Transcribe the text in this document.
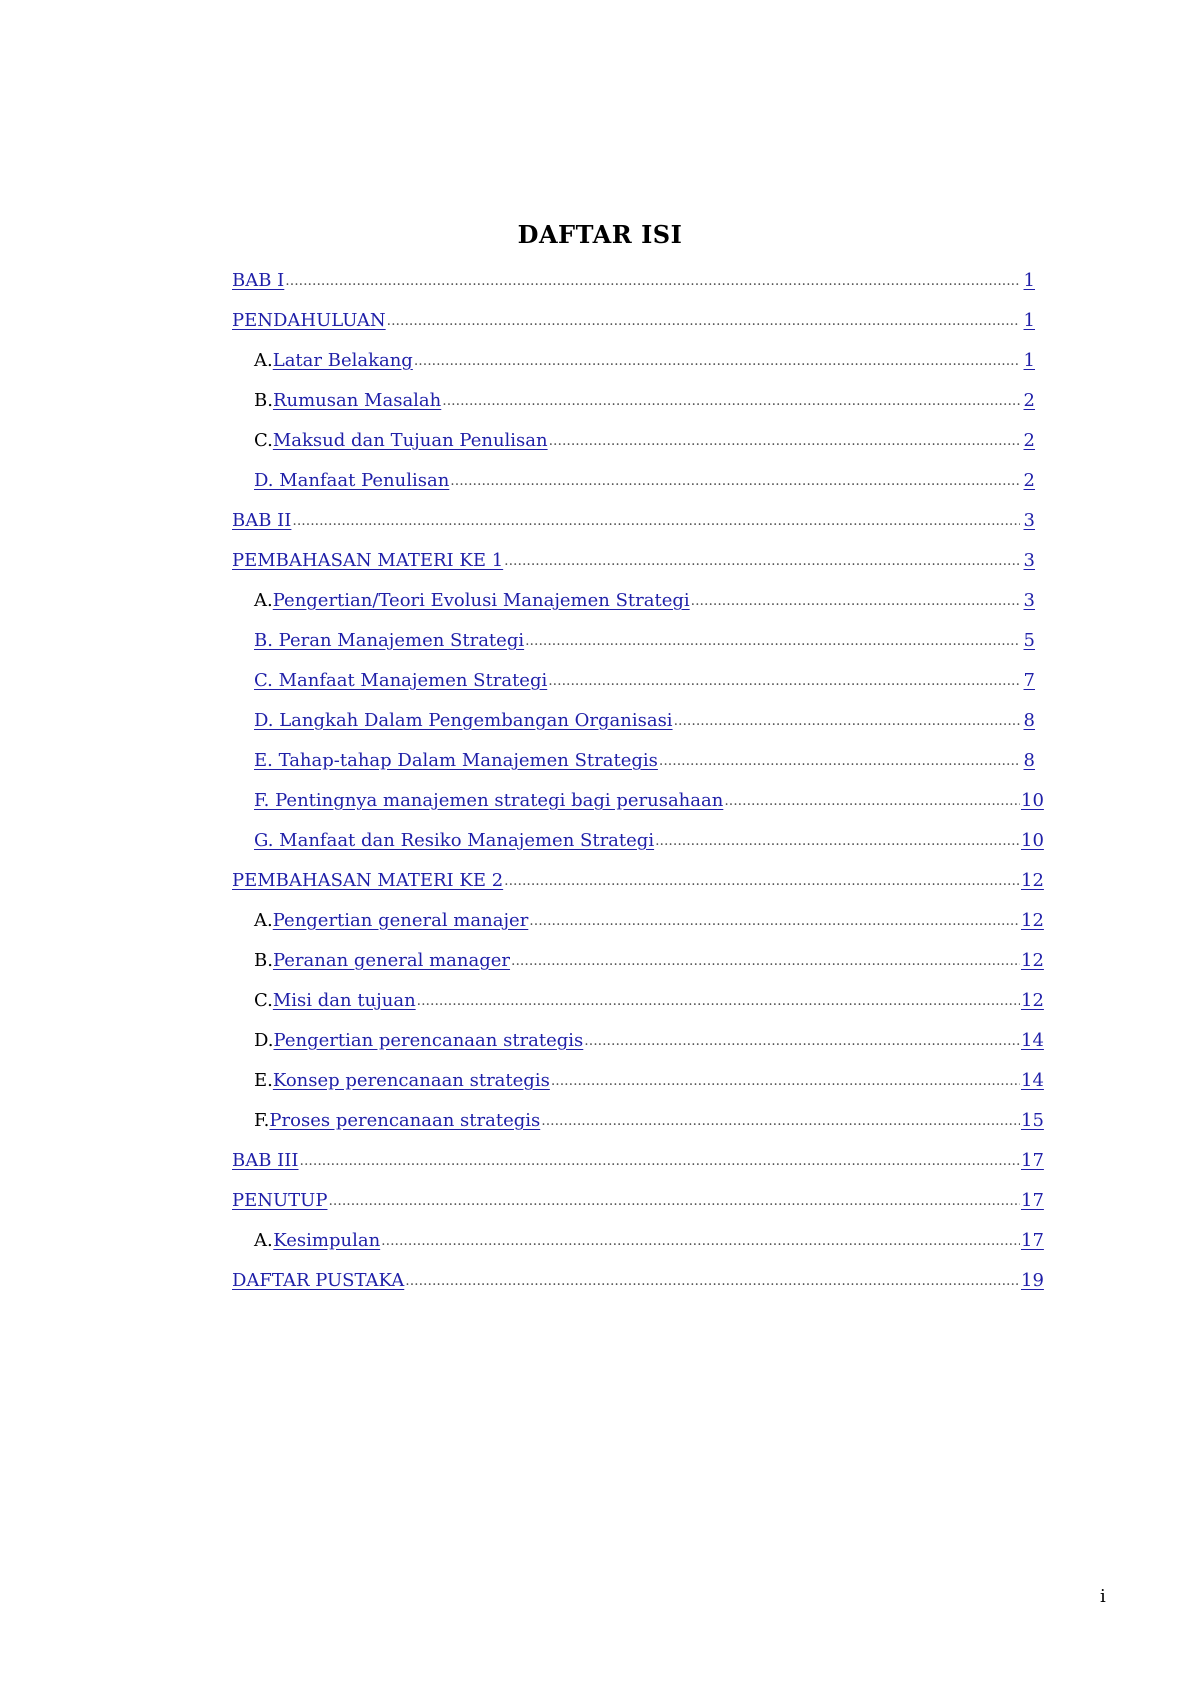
DAFTAR ISI
BAB I .....	1
PENDAHULUAN .....	1
A. Latar Belakang .....	1
B. Rumusan Masalah .....	2
C. Maksud dan Tujuan Penulisan .....	2
D. Manfaat Penulisan .....	2
BAB II .....	3
PEMBAHASAN MATERI KE 1 .....	3
A. Pengertian/Teori Evolusi Manajemen Strategi .....	3
B. Peran Manajemen Strategi .....	5
C. Manfaat Manajemen Strategi .....	7
D. Langkah Dalam Pengembangan Organisasi .....	8
E. Tahap-tahap Dalam Manajemen Strategis .....	8
F. Pentingnya manajemen strategi bagi perusahaan .....	10
G. Manfaat dan Resiko Manajemen Strategi .....	10
PEMBAHASAN MATERI KE 2 .....	12
A. Pengertian general manajer .....	12
B. Peranan general manager .....	12
C. Misi dan tujuan .....	12
D. Pengertian perencanaan strategis .....	14
E. Konsep perencanaan strategis .....	14
F. Proses perencanaan strategis .....	15
BAB III .....	17
PENUTUP .....	17
A. Kesimpulan .....	17
DAFTAR PUSTAKA .....	19
i
